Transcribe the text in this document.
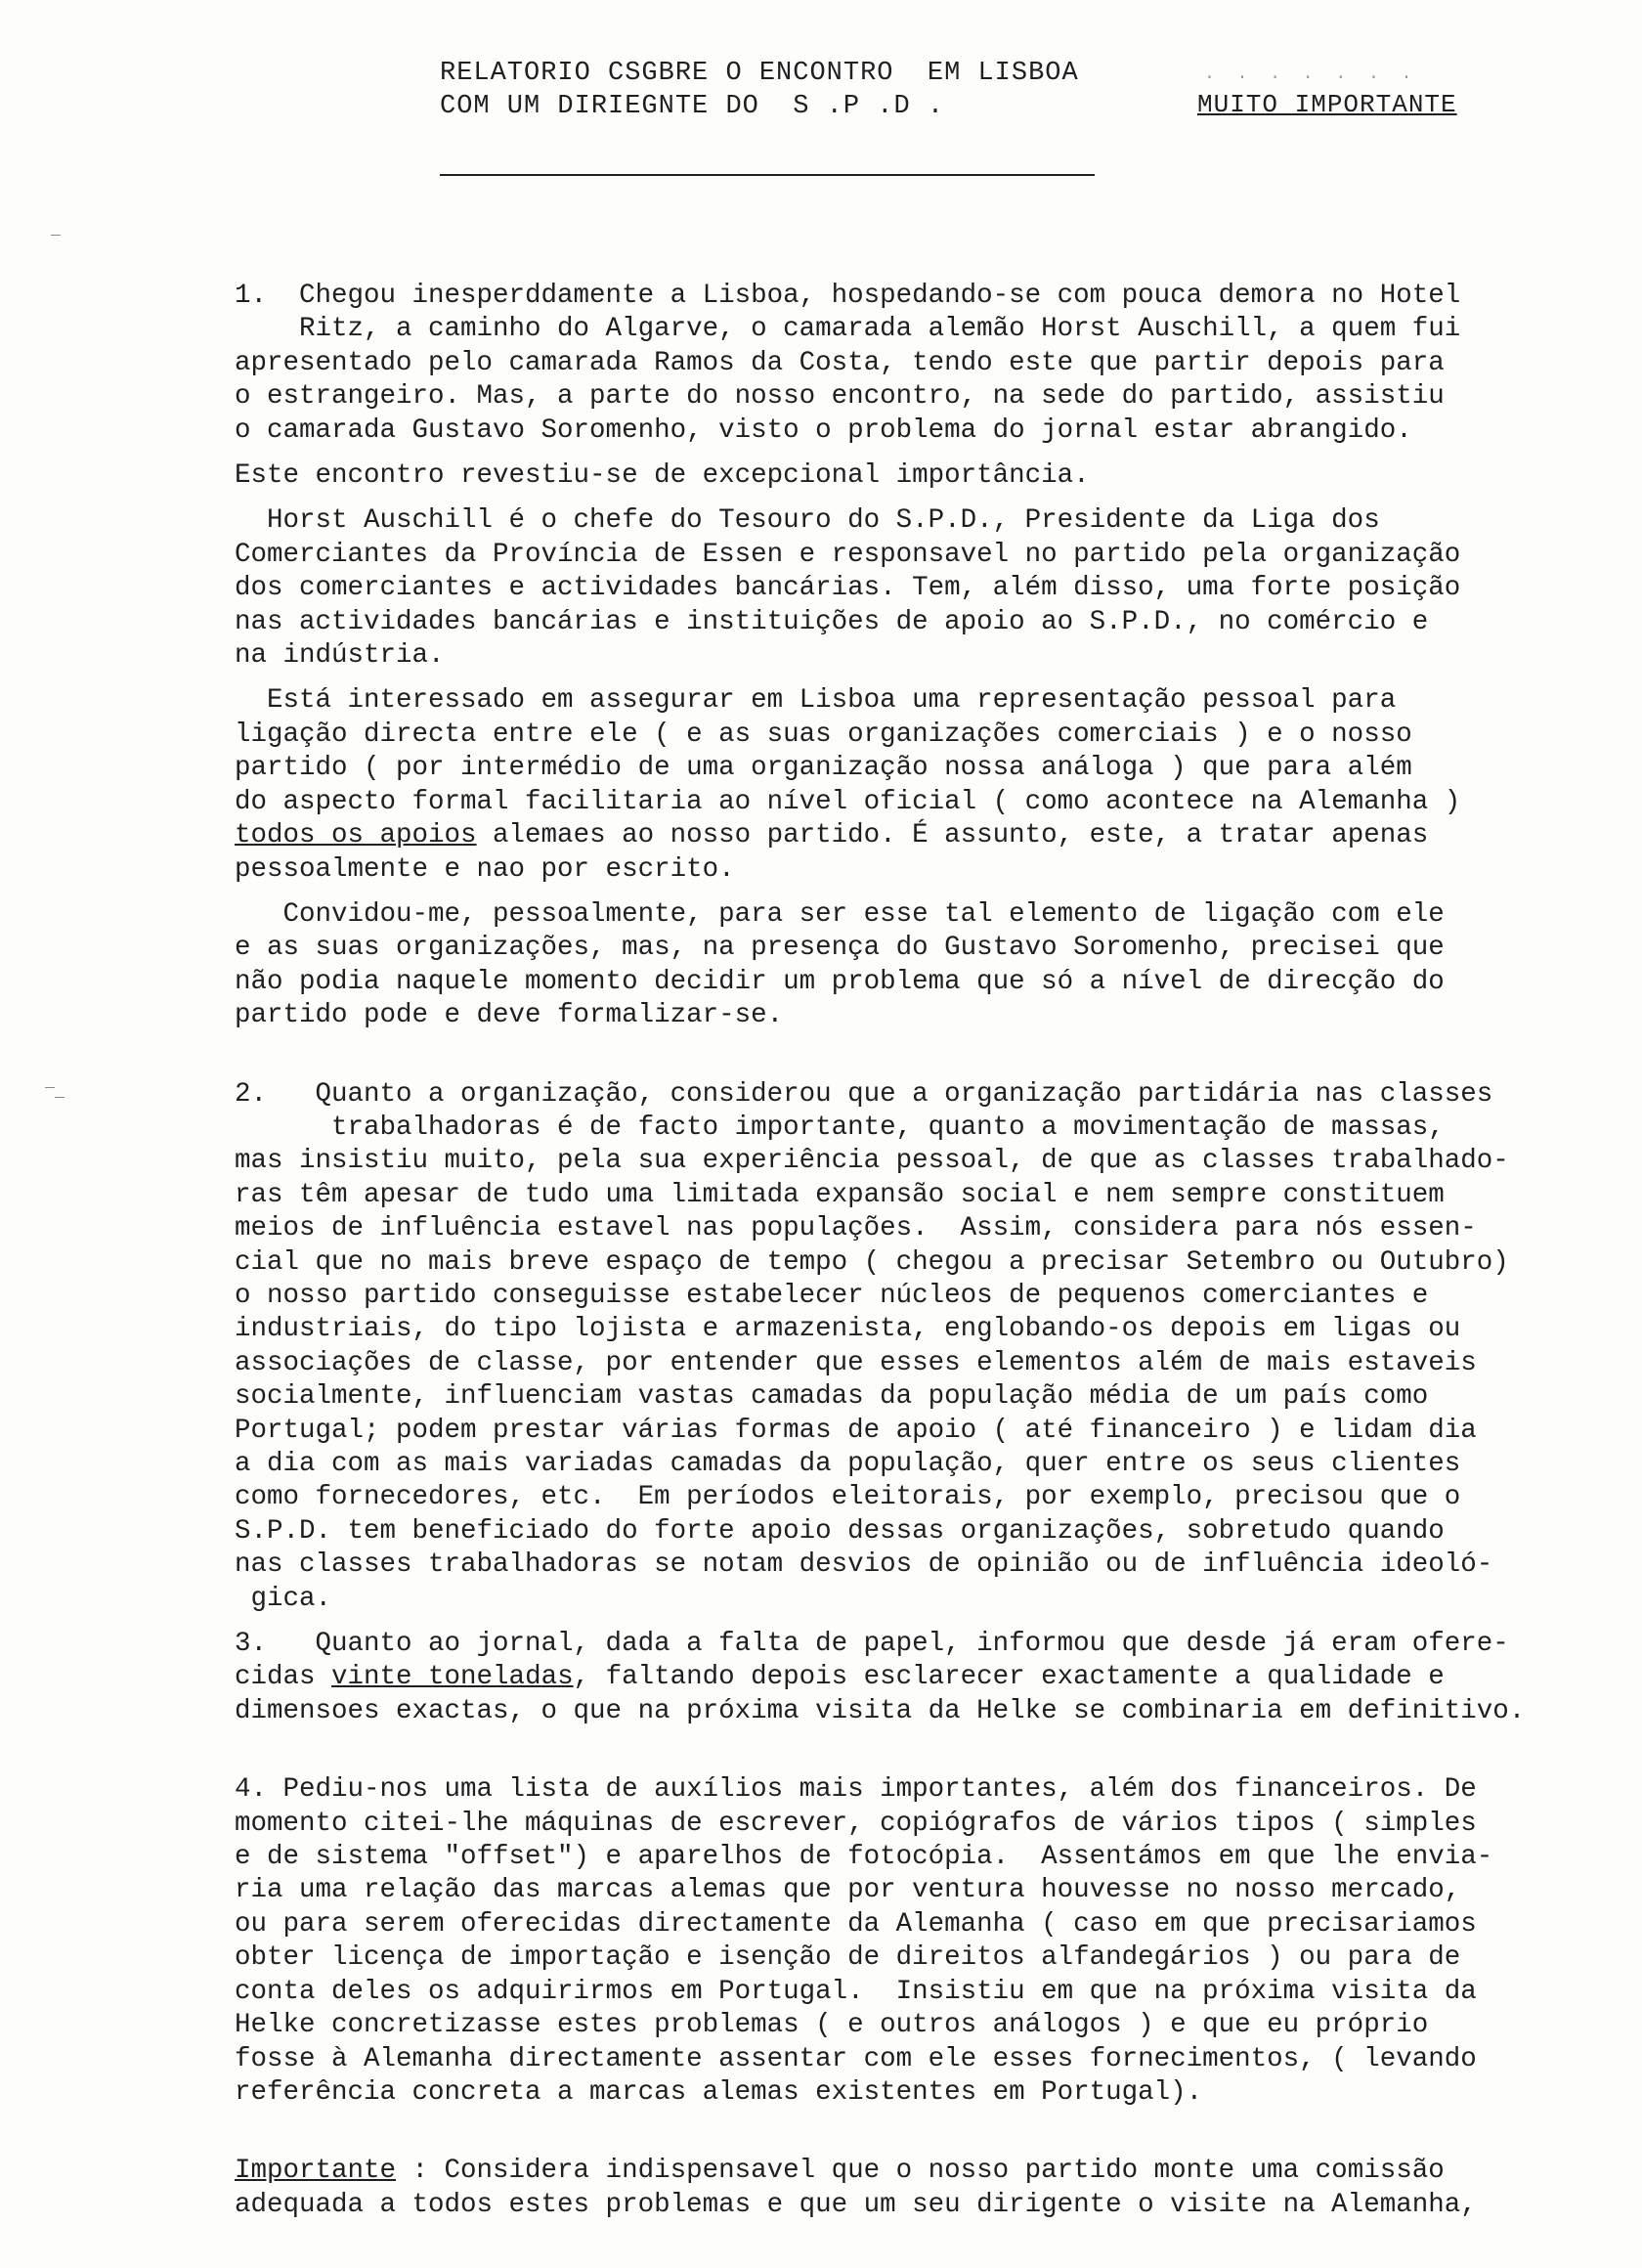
RELATORIO CSGBRE O ENCONTRO  EM LISBOA
COM UM DIRIEGNTE DO  S .P .D .
. . . . . . .
MUITO IMPORTANTE
1.  Chegou inesperddamente a Lisboa, hospedando-se com pouca demora no Hotel
Ritz, a caminho do Algarve, o camarada alemão Horst Auschill, a quem fui
apresentado pelo camarada Ramos da Costa, tendo este que partir depois para
o estrangeiro. Mas, a parte do nosso encontro, na sede do partido, assistiu
o camarada Gustavo Soromenho, visto o problema do jornal estar abrangido.
Este encontro revestiu-se de excepcional importância.
Horst Auschill é o chefe do Tesouro do S.P.D., Presidente da Liga dos
Comerciantes da Província de Essen e responsavel no partido pela organização
dos comerciantes e actividades bancárias. Tem, além disso, uma forte posição
nas actividades bancárias e instituições de apoio ao S.P.D., no comércio e
na indústria.
Está interessado em assegurar em Lisboa uma representação pessoal para
ligação directa entre ele ( e as suas organizações comerciais ) e o nosso
partido ( por intermédio de uma organização nossa análoga ) que para além
do aspecto formal facilitaria ao nível oficial ( como acontece na Alemanha )
todos os apoios alemaes ao nosso partido. É assunto, este, a tratar apenas
pessoalmente e nao por escrito.
Convidou-me, pessoalmente, para ser esse tal elemento de ligação com ele
e as suas organizações, mas, na presença do Gustavo Soromenho, precisei que
não podia naquele momento decidir um problema que só a nível de direcção do
partido pode e deve formalizar-se.
2.   Quanto a organização, considerou que a organização partidária nas classes
trabalhadoras é de facto importante, quanto a movimentação de massas,
mas insistiu muito, pela sua experiência pessoal, de que as classes trabalhado-
ras têm apesar de tudo uma limitada expansão social e nem sempre constituem
meios de influência estavel nas populações.  Assim, considera para nós essen-
cial que no mais breve espaço de tempo ( chegou a precisar Setembro ou Outubro)
o nosso partido conseguisse estabelecer núcleos de pequenos comerciantes e
industriais, do tipo lojista e armazenista, englobando-os depois em ligas ou
associações de classe, por entender que esses elementos além de mais estaveis
socialmente, influenciam vastas camadas da população média de um país como
Portugal; podem prestar várias formas de apoio ( até financeiro ) e lidam dia
a dia com as mais variadas camadas da população, quer entre os seus clientes
como fornecedores, etc.  Em períodos eleitorais, por exemplo, precisou que o
S.P.D. tem beneficiado do forte apoio dessas organizações, sobretudo quando
nas classes trabalhadoras se notam desvios de opinião ou de influência ideoló-
gica.
3.   Quanto ao jornal, dada a falta de papel, informou que desde já eram ofere-
cidas vinte toneladas, faltando depois esclarecer exactamente a qualidade e
dimensoes exactas, o que na próxima visita da Helke se combinaria em definitivo.
4. Pediu-nos uma lista de auxílios mais importantes, além dos financeiros. De
momento citei-lhe máquinas de escrever, copiógrafos de vários tipos ( simples
e de sistema "offset") e aparelhos de fotocópia.  Assentámos em que lhe envia-
ria uma relação das marcas alemas que por ventura houvesse no nosso mercado,
ou para serem oferecidas directamente da Alemanha ( caso em que precisariamos
obter licença de importação e isenção de direitos alfandegários ) ou para de
conta deles os adquirirmos em Portugal.  Insistiu em que na próxima visita da
Helke concretizasse estes problemas ( e outros análogos ) e que eu próprio
fosse à Alemanha directamente assentar com ele esses fornecimentos, ( levando
referência concreta a marcas alemas existentes em Portugal).
Importante : Considera indispensavel que o nosso partido monte uma comissão
adequada a todos estes problemas e que um seu dirigente o visite na Alemanha,
